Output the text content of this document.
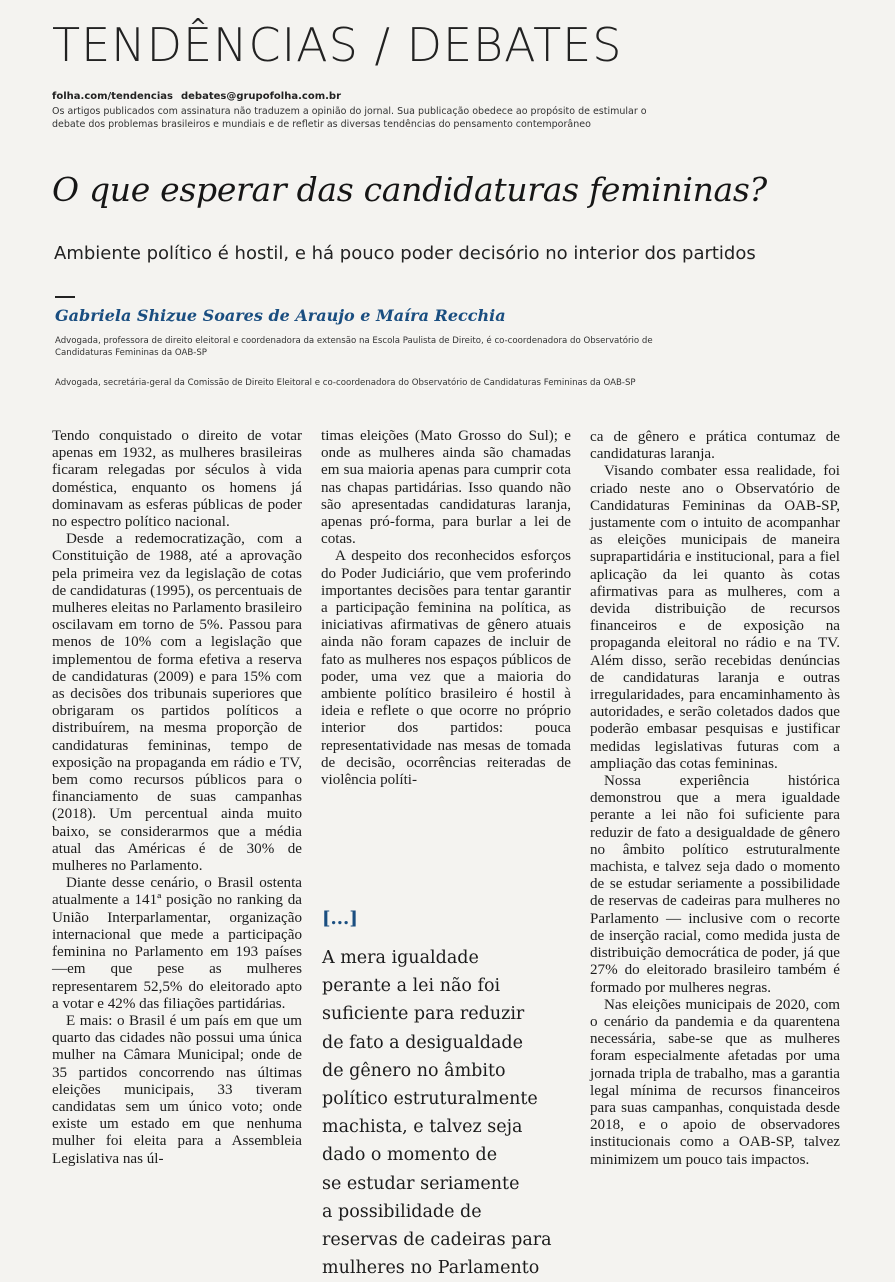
TENDÊNCIAS / DEBATES
folha.com/tendencias debates@grupofolha.com.br
Os artigos publicados com assinatura não traduzem a opinião do jornal. Sua publicação obedece ao propósito de estimular o debate dos problemas brasileiros e mundiais e de refletir as diversas tendências do pensamento contemporâneo
O que esperar das candidaturas femininas?
Ambiente político é hostil, e há pouco poder decisório no interior dos partidos
Gabriela Shizue Soares de Araujo e Maíra Recchia
Advogada, professora de direito eleitoral e coordenadora da extensão na Escola Paulista de Direito, é co-coordenadora do Observatório de Candidaturas Femininas da OAB-SP
Advogada, secretária-geral da Comissão de Direito Eleitoral e co-coordenadora do Observatório de Candidaturas Femininas da OAB-SP

Tendo conquistado o direito de votar apenas em 1932, as mulheres brasileiras ficaram relegadas por séculos à vida doméstica, enquanto os homens já dominavam as esferas públicas de poder no espectro político nacional.

Desde a redemocratização, com a Constituição de 1988, até a aprovação pela primeira vez da legislação de cotas de candidaturas (1995), os percentuais de mulheres eleitas no Parlamento brasileiro oscilavam em torno de 5%. Passou para menos de 10% com a legislação que implementou de forma efetiva a reserva de candidaturas (2009) e para 15% com as decisões dos tribunais superiores que obrigaram os partidos políticos a distribuírem, na mesma proporção de candidaturas femininas, tempo de exposição na propaganda em rádio e TV, bem como recursos públicos para o financiamento de suas campanhas (2018). Um percentual ainda muito baixo, se considerarmos que a média atual das Américas é de 30% de mulheres no Parlamento.

Diante desse cenário, o Brasil ostenta atualmente a 141ª posição no ranking da União Interparlamentar, organização internacional que mede a participação feminina no Parlamento em 193 países —em que pese as mulheres representarem 52,5% do eleitorado apto a votar e 42% das filiações partidárias.

E mais: o Brasil é um país em que um quarto das cidades não possui uma única mulher na Câmara Municipal; onde de 35 partidos concorrendo nas últimas eleições municipais, 33 tiveram candidatas sem um único voto; onde existe um estado em que nenhuma mulher foi eleita para a Assembleia Legislativa nas úl-

timas eleições (Mato Grosso do Sul); e onde as mulheres ainda são chamadas em sua maioria apenas para cumprir cota nas chapas partidárias. Isso quando não são apresentadas candidaturas laranja, apenas pró-forma, para burlar a lei de cotas.

A despeito dos reconhecidos esforços do Poder Judiciário, que vem proferindo importantes decisões para tentar garantir a participação feminina na política, as iniciativas afirmativas de gênero atuais ainda não foram capazes de incluir de fato as mulheres nos espaços públicos de poder, uma vez que a maioria do ambiente político brasileiro é hostil à ideia e reflete o que ocorre no próprio interior dos partidos: pouca representatividade nas mesas de tomada de decisão, ocorrências reiteradas de violência políti-

[...]
A mera igualdade
perante a lei não foi
suficiente para reduzir
de fato a desigualdade
de gênero no âmbito
político estruturalmente
machista, e talvez seja
dado o momento de
se estudar seriamente
a possibilidade de
reservas de cadeiras para
mulheres no Parlamento

ca de gênero e prática contumaz de candidaturas laranja.

Visando combater essa realidade, foi criado neste ano o Observatório de Candidaturas Femininas da OAB-SP, justamente com o intuito de acompanhar as eleições municipais de maneira suprapartidária e institucional, para a fiel aplicação da lei quanto às cotas afirmativas para as mulheres, com a devida distribuição de recursos financeiros e de exposição na propaganda eleitoral no rádio e na TV. Além disso, serão recebidas denúncias de candidaturas laranja e outras irregularidades, para encaminhamento às autoridades, e serão coletados dados que poderão embasar pesquisas e justificar medidas legislativas futuras com a ampliação das cotas femininas.

Nossa experiência histórica demonstrou que a mera igualdade perante a lei não foi suficiente para reduzir de fato a desigualdade de gênero no âmbito político estruturalmente machista, e talvez seja dado o momento de se estudar seriamente a possibilidade de reservas de cadeiras para mulheres no Parlamento — inclusive com o recorte de inserção racial, como medida justa de distribuição democrática de poder, já que 27% do eleitorado brasileiro também é formado por mulheres negras.

Nas eleições municipais de 2020, com o cenário da pandemia e da quarentena necessária, sabe-se que as mulheres foram especialmente afetadas por uma jornada tripla de trabalho, mas a garantia legal mínima de recursos financeiros para suas campanhas, conquistada desde 2018, e o apoio de observadores institucionais como a OAB-SP, talvez minimizem um pouco tais impactos.
